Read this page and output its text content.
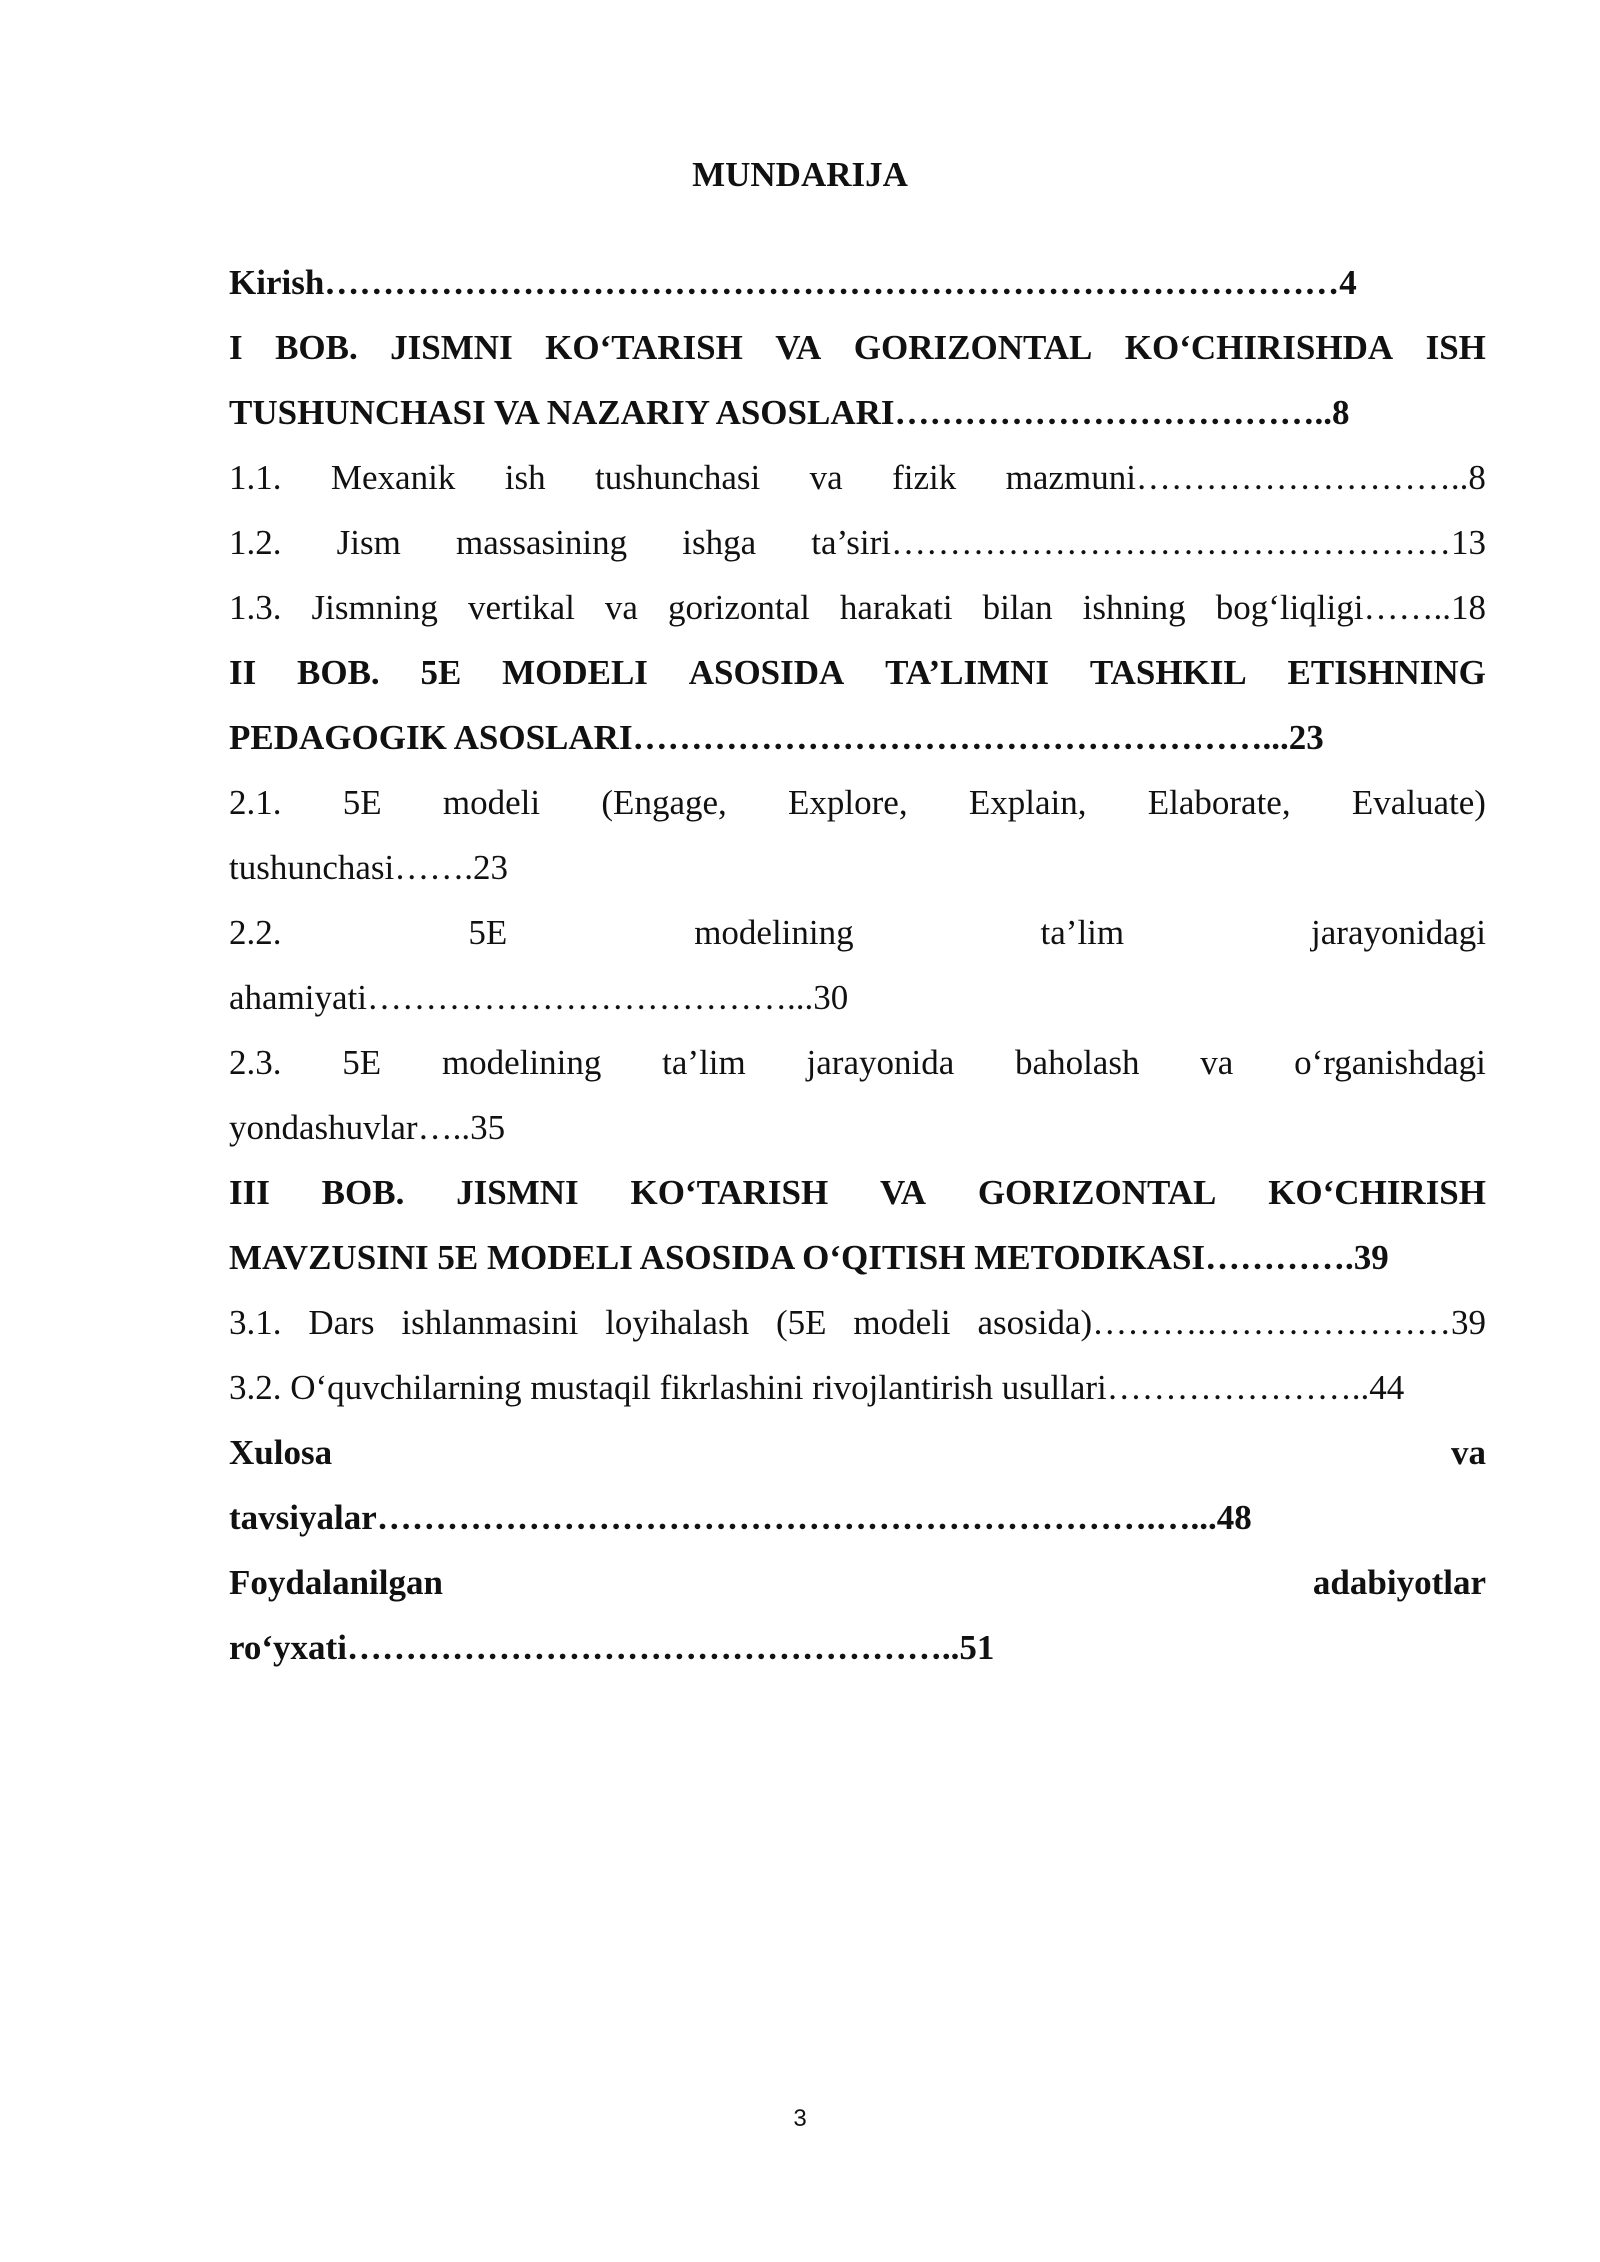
MUNDARIJA
Kirish……………………………………………………………………………4
I BOB. JISMNI KO‘TARISH VA GORIZONTAL KO‘CHIRISHDA ISH
TUSHUNCHASI VA NAZARIY ASOSLARI………………………………..8
1.1. Mexanik ish tushunchasi va fizik mazmuni………………………..8
1.2. Jism massasining ishga ta’siri…………………………………………13
1.3. Jismning vertikal va gorizontal harakati bilan ishning bog‘liqligi……..18
II BOB. 5E MODELI ASOSIDA TA’LIMNI TASHKIL ETISHNING
PEDAGOGIK ASOSLARI………………………………………………...23
2.1. 5E modeli (Engage, Explore, Explain, Elaborate, Evaluate)
tushunchasi…….23
2.2.	5E	modelining	ta’lim	jarayonidagi
ahamiyati………………………………...30
2.3. 5E modelining ta’lim jarayonida baholash va o‘rganishdagi
yondashuvlar…..35
III BOB. JISMNI KO‘TARISH VA GORIZONTAL KO‘CHIRISH
MAVZUSINI 5E MODELI ASOSIDA O‘QITISH METODIKASI………….39
3.1. Dars ishlanmasini loyihalash (5E modeli asosida)……….…………………39
3.2. O‘quvchilarning mustaqil fikrlashini rivojlantirish usullari…………………..44
Xulosa	va
tavsiyalar………………………………………………………….…...48
Foydalanilgan	adabiyotlar
ro‘yxati……………………………………………..51
3
